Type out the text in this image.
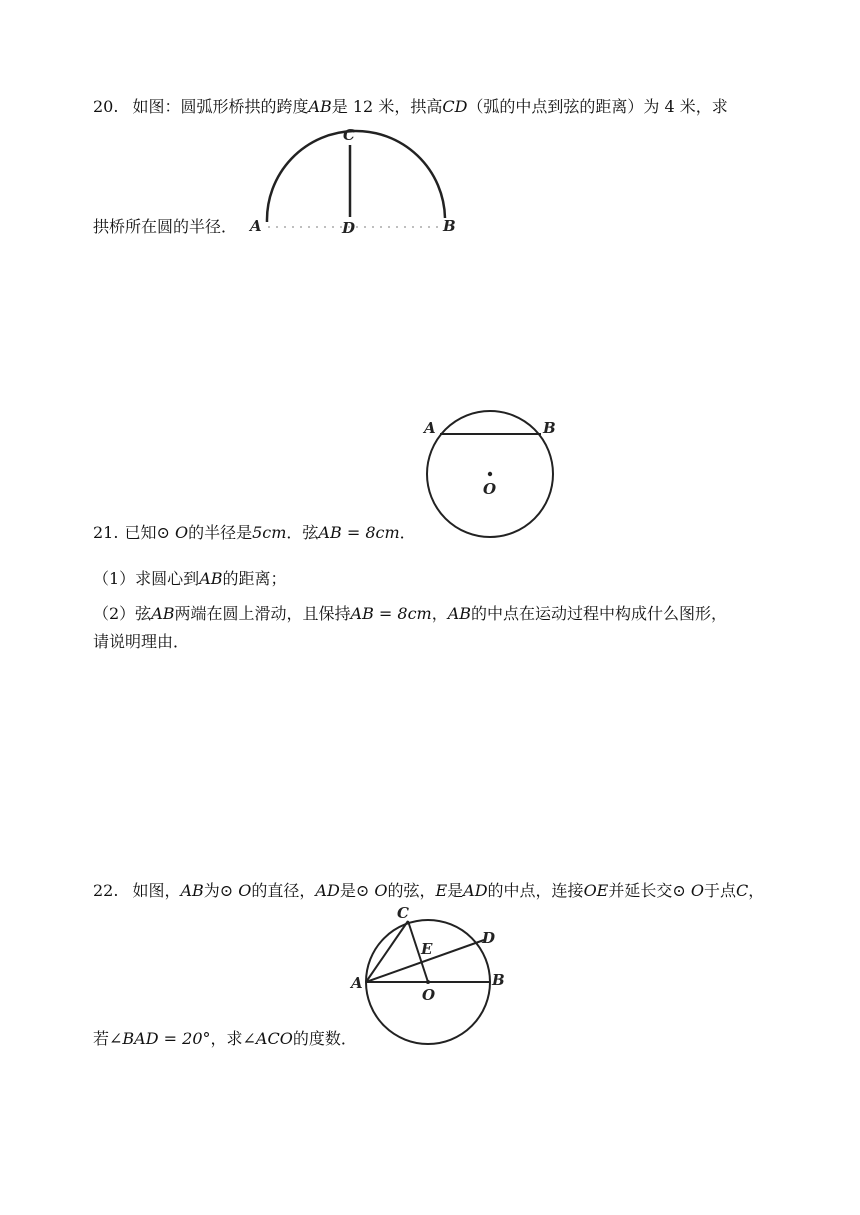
20. 如图：圆弧形桥拱的跨度AB是 12 米，拱高CD（弧的中点到弦的距离）为 4 米，求
C
A	D	B
拱桥所在圆的半径．
A	B
O
21. 已知⊙ O的半径是5cm．弦AB = 8cm．
（1）求圆心到AB的距离；
（2）弦AB两端在圆上滑动，且保持AB = 8cm，AB的中点在运动过程中构成什么图形，
请说明理由．
22. 如图，AB为⊙ O的直径，AD是⊙ O的弦，E是AD的中点，连接OE并延长交⊙ O于点C，
C
D
E
A	B
O
若∠BAD = 20°，求∠ACO的度数．
